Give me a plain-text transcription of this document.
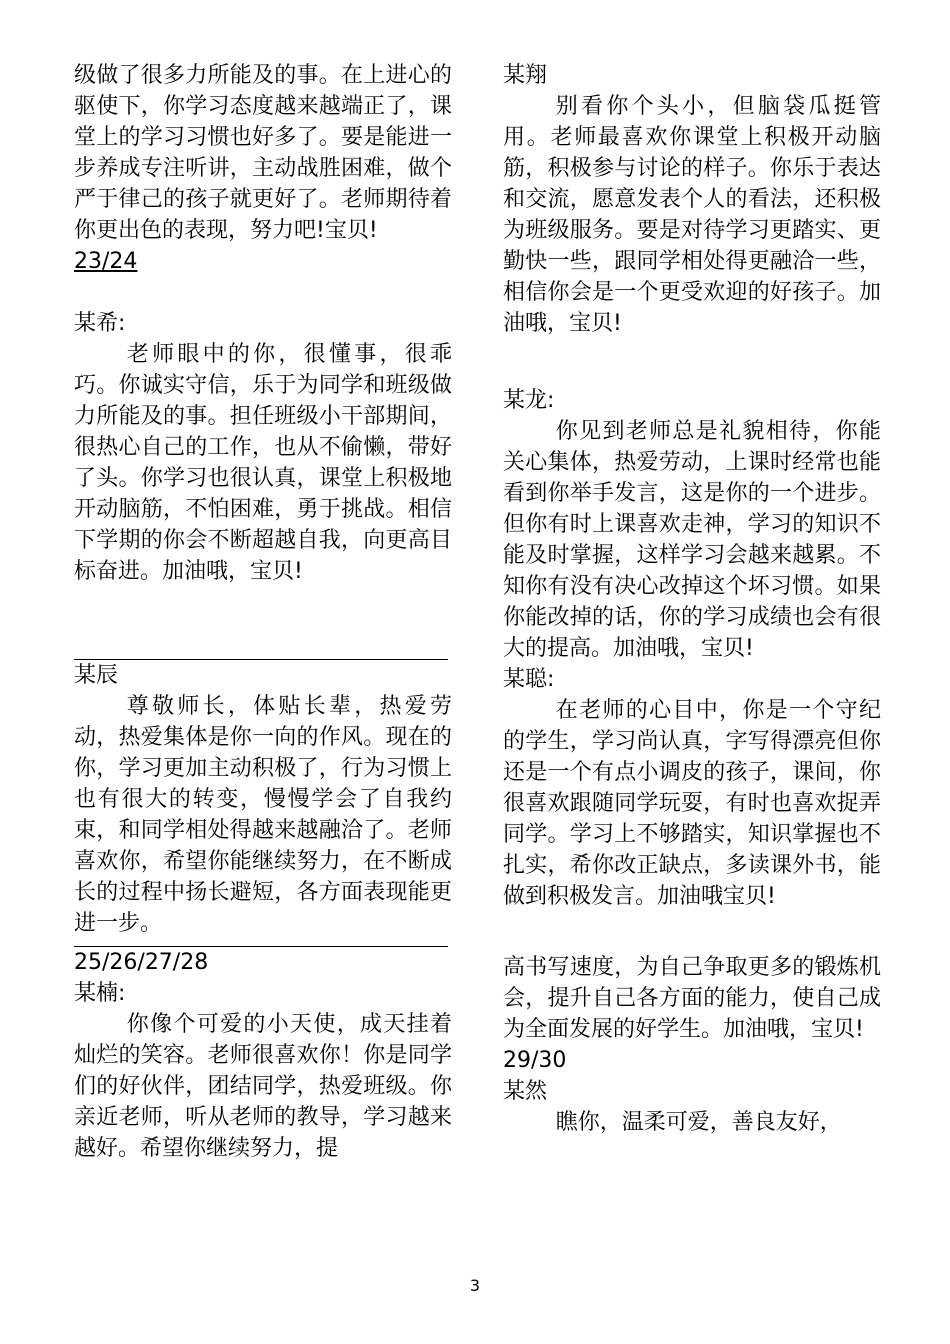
级做了很多力所能及的事。在上进心的驱使下，你学习态度越来越端正了，课堂上的学习习惯也好多了。要是能进一步养成专注听讲，主动战胜困难，做个严于律己的孩子就更好了。老师期待着你更出色的表现，努力吧!宝贝!

23/24

某希:

老师眼中的你，很懂事，很乖巧。你诚实守信，乐于为同学和班级做力所能及的事。担任班级小干部期间，很热心自己的工作，也从不偷懒，带好了头。你学习也很认真，课堂上积极地开动脑筋，不怕困难，勇于挑战。相信下学期的你会不断超越自我，向更高目标奋进。加油哦，宝贝!

某辰

尊敬师长，体贴长辈，热爱劳动，热爱集体是你一向的作风。现在的你，学习更加主动积极了，行为习惯上也有很大的转变，慢慢学会了自我约束，和同学相处得越来越融洽了。老师喜欢你，希望你能继续努力，在不断成长的过程中扬长避短，各方面表现能更进一步。

25/26/27/28

某楠:

你像个可爱的小天使，成天挂着灿烂的笑容。老师很喜欢你！你是同学们的好伙伴，团结同学，热爱班级。你亲近老师，听从老师的教导，学习越来越好。希望你继续努力，提

某翔

别看你个头小，但脑袋瓜挺管用。老师最喜欢你课堂上积极开动脑筋，积极参与讨论的样子。你乐于表达和交流，愿意发表个人的看法，还积极为班级服务。要是对待学习更踏实、更勤快一些，跟同学相处得更融洽一些，相信你会是一个更受欢迎的好孩子。加油哦，宝贝!

某龙:

你见到老师总是礼貌相待，你能关心集体，热爱劳动，上课时经常也能看到你举手发言，这是你的一个进步。但你有时上课喜欢走神，学习的知识不能及时掌握，这样学习会越来越累。不知你有没有决心改掉这个坏习惯。如果你能改掉的话，你的学习成绩也会有很大的提高。加油哦，宝贝!

某聪:

在老师的心目中，你是一个守纪的学生，学习尚认真，字写得漂亮但你还是一个有点小调皮的孩子，课间，你很喜欢跟随同学玩耍，有时也喜欢捉弄同学。学习上不够踏实，知识掌握也不扎实，希你改正缺点，多读课外书，能做到积极发言。加油哦宝贝!

高书写速度，为自己争取更多的锻炼机会，提升自己各方面的能力，使自己成为全面发展的好学生。加油哦，宝贝!

29/30

某然

瞧你，温柔可爱，善良友好，

3
